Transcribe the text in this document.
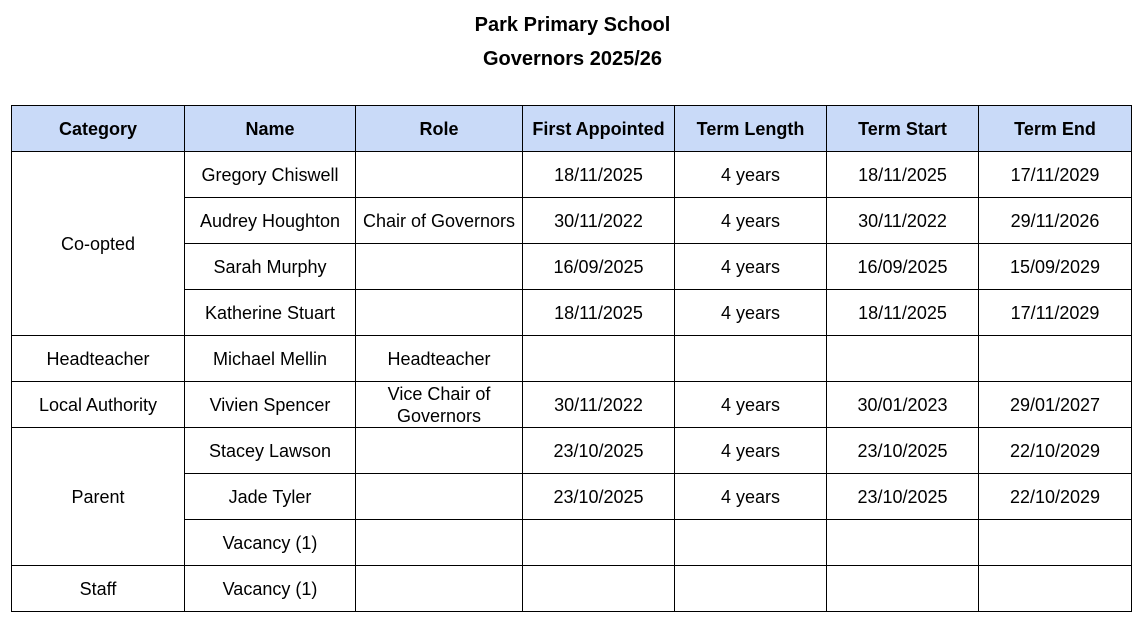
Park Primary School
Governors 2025/26
Category	Name	Role	First Appointed	Term Length	Term Start	Term End
Co-opted	Gregory Chiswell		18/11/2025	4 years	18/11/2025	17/11/2029
	Audrey Houghton	Chair of Governors	30/11/2022	4 years	30/11/2022	29/11/2026
	Sarah Murphy		16/09/2025	4 years	16/09/2025	15/09/2029
	Katherine Stuart		18/11/2025	4 years	18/11/2025	17/11/2029
Headteacher	Michael Mellin	Headteacher				
Local Authority	Vivien Spencer	Vice Chair of Governors	30/11/2022	4 years	30/01/2023	29/01/2027
Parent	Stacey Lawson		23/10/2025	4 years	23/10/2025	22/10/2029
	Jade Tyler		23/10/2025	4 years	23/10/2025	22/10/2029
	Vacancy (1)					
Staff	Vacancy (1)					
